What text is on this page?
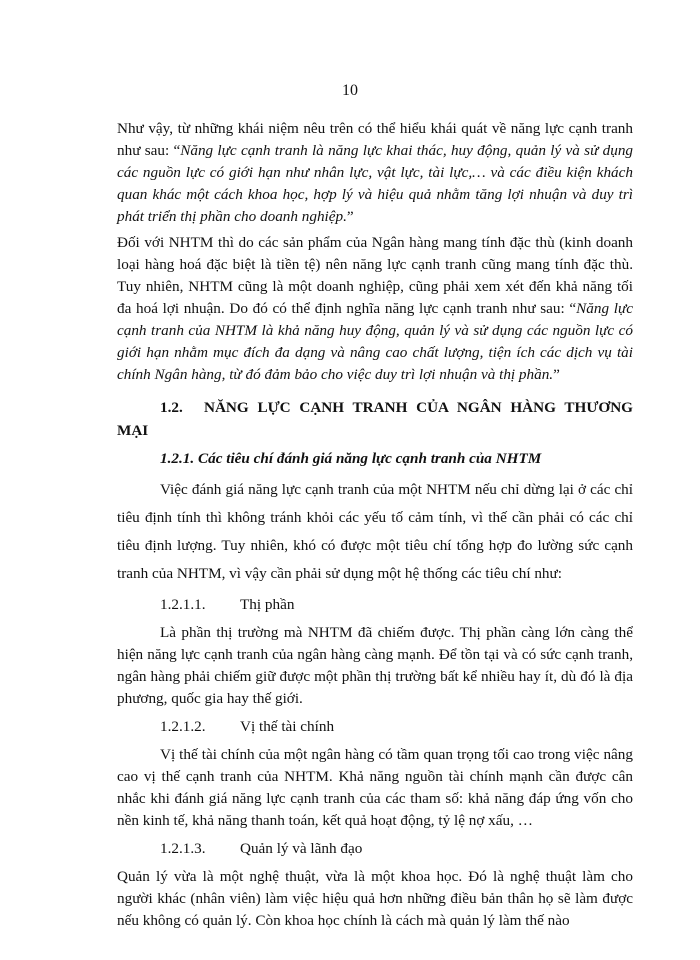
10

Như vậy, từ những khái niệm nêu trên có thể hiểu khái quát về năng lực cạnh tranh như sau: “Năng lực cạnh tranh là năng lực khai thác, huy động, quản lý và sử dụng các nguồn lực có giới hạn như nhân lực, vật lực, tài lực,… và các điều kiện khách quan khác một cách khoa học, hợp lý và hiệu quả nhằm tăng lợi nhuận và duy trì phát triển thị phần cho doanh nghiệp.”

Đối với NHTM thì do các sản phẩm của Ngân hàng mang tính đặc thù (kinh doanh loại hàng hoá đặc biệt là tiền tệ) nên năng lực cạnh tranh cũng mang tính đặc thù. Tuy nhiên, NHTM cũng là một doanh nghiệp, cũng phải xem xét đến khả năng tối đa hoá lợi nhuận. Do đó có thể định nghĩa năng lực cạnh tranh như sau: “Năng lực cạnh tranh của NHTM là khả năng huy động, quản lý và sử dụng các nguồn lực có giới hạn nhằm mục đích đa dạng và nâng cao chất lượng, tiện ích các dịch vụ tài chính Ngân hàng, từ đó đảm bảo cho việc duy trì lợi nhuận và thị phần.”

1.2. NĂNG LỰC CẠNH TRANH CỦA NGÂN HÀNG THƯƠNG MẠI
1.2.1. Các tiêu chí đánh giá năng lực cạnh tranh của NHTM

Việc đánh giá năng lực cạnh tranh của một NHTM nếu chỉ dừng lại ở các chỉ tiêu định tính thì không tránh khỏi các yếu tố cảm tính, vì thế cần phải có các chỉ tiêu định lượng. Tuy nhiên, khó có được một tiêu chí tổng hợp đo lường sức cạnh tranh của NHTM, vì vậy cần phải sử dụng một hệ thống các tiêu chí như:

1.2.1.1. Thị phần

Là phần thị trường mà NHTM đã chiếm được. Thị phần càng lớn càng thể hiện năng lực cạnh tranh của ngân hàng càng mạnh. Để tồn tại và có sức cạnh tranh, ngân hàng phải chiếm giữ được một phần thị trường bất kể nhiều hay ít, dù đó là địa phương, quốc gia hay thế giới.

1.2.1.2. Vị thế tài chính

Vị thế tài chính của một ngân hàng có tầm quan trọng tối cao trong việc nâng cao vị thế cạnh tranh của NHTM. Khả năng nguồn tài chính mạnh cần được cân nhắc khi đánh giá năng lực cạnh tranh của các tham số: khả năng đáp ứng vốn cho nền kinh tế, khả năng thanh toán, kết quả hoạt động, tỷ lệ nợ xấu, …

1.2.1.3. Quản lý và lãnh đạo

Quản lý vừa là một nghệ thuật, vừa là một khoa học. Đó là nghệ thuật làm cho người khác (nhân viên) làm việc hiệu quả hơn những điều bản thân họ sẽ làm được nếu không có quản lý. Còn khoa học chính là cách mà quản lý làm thế nào
